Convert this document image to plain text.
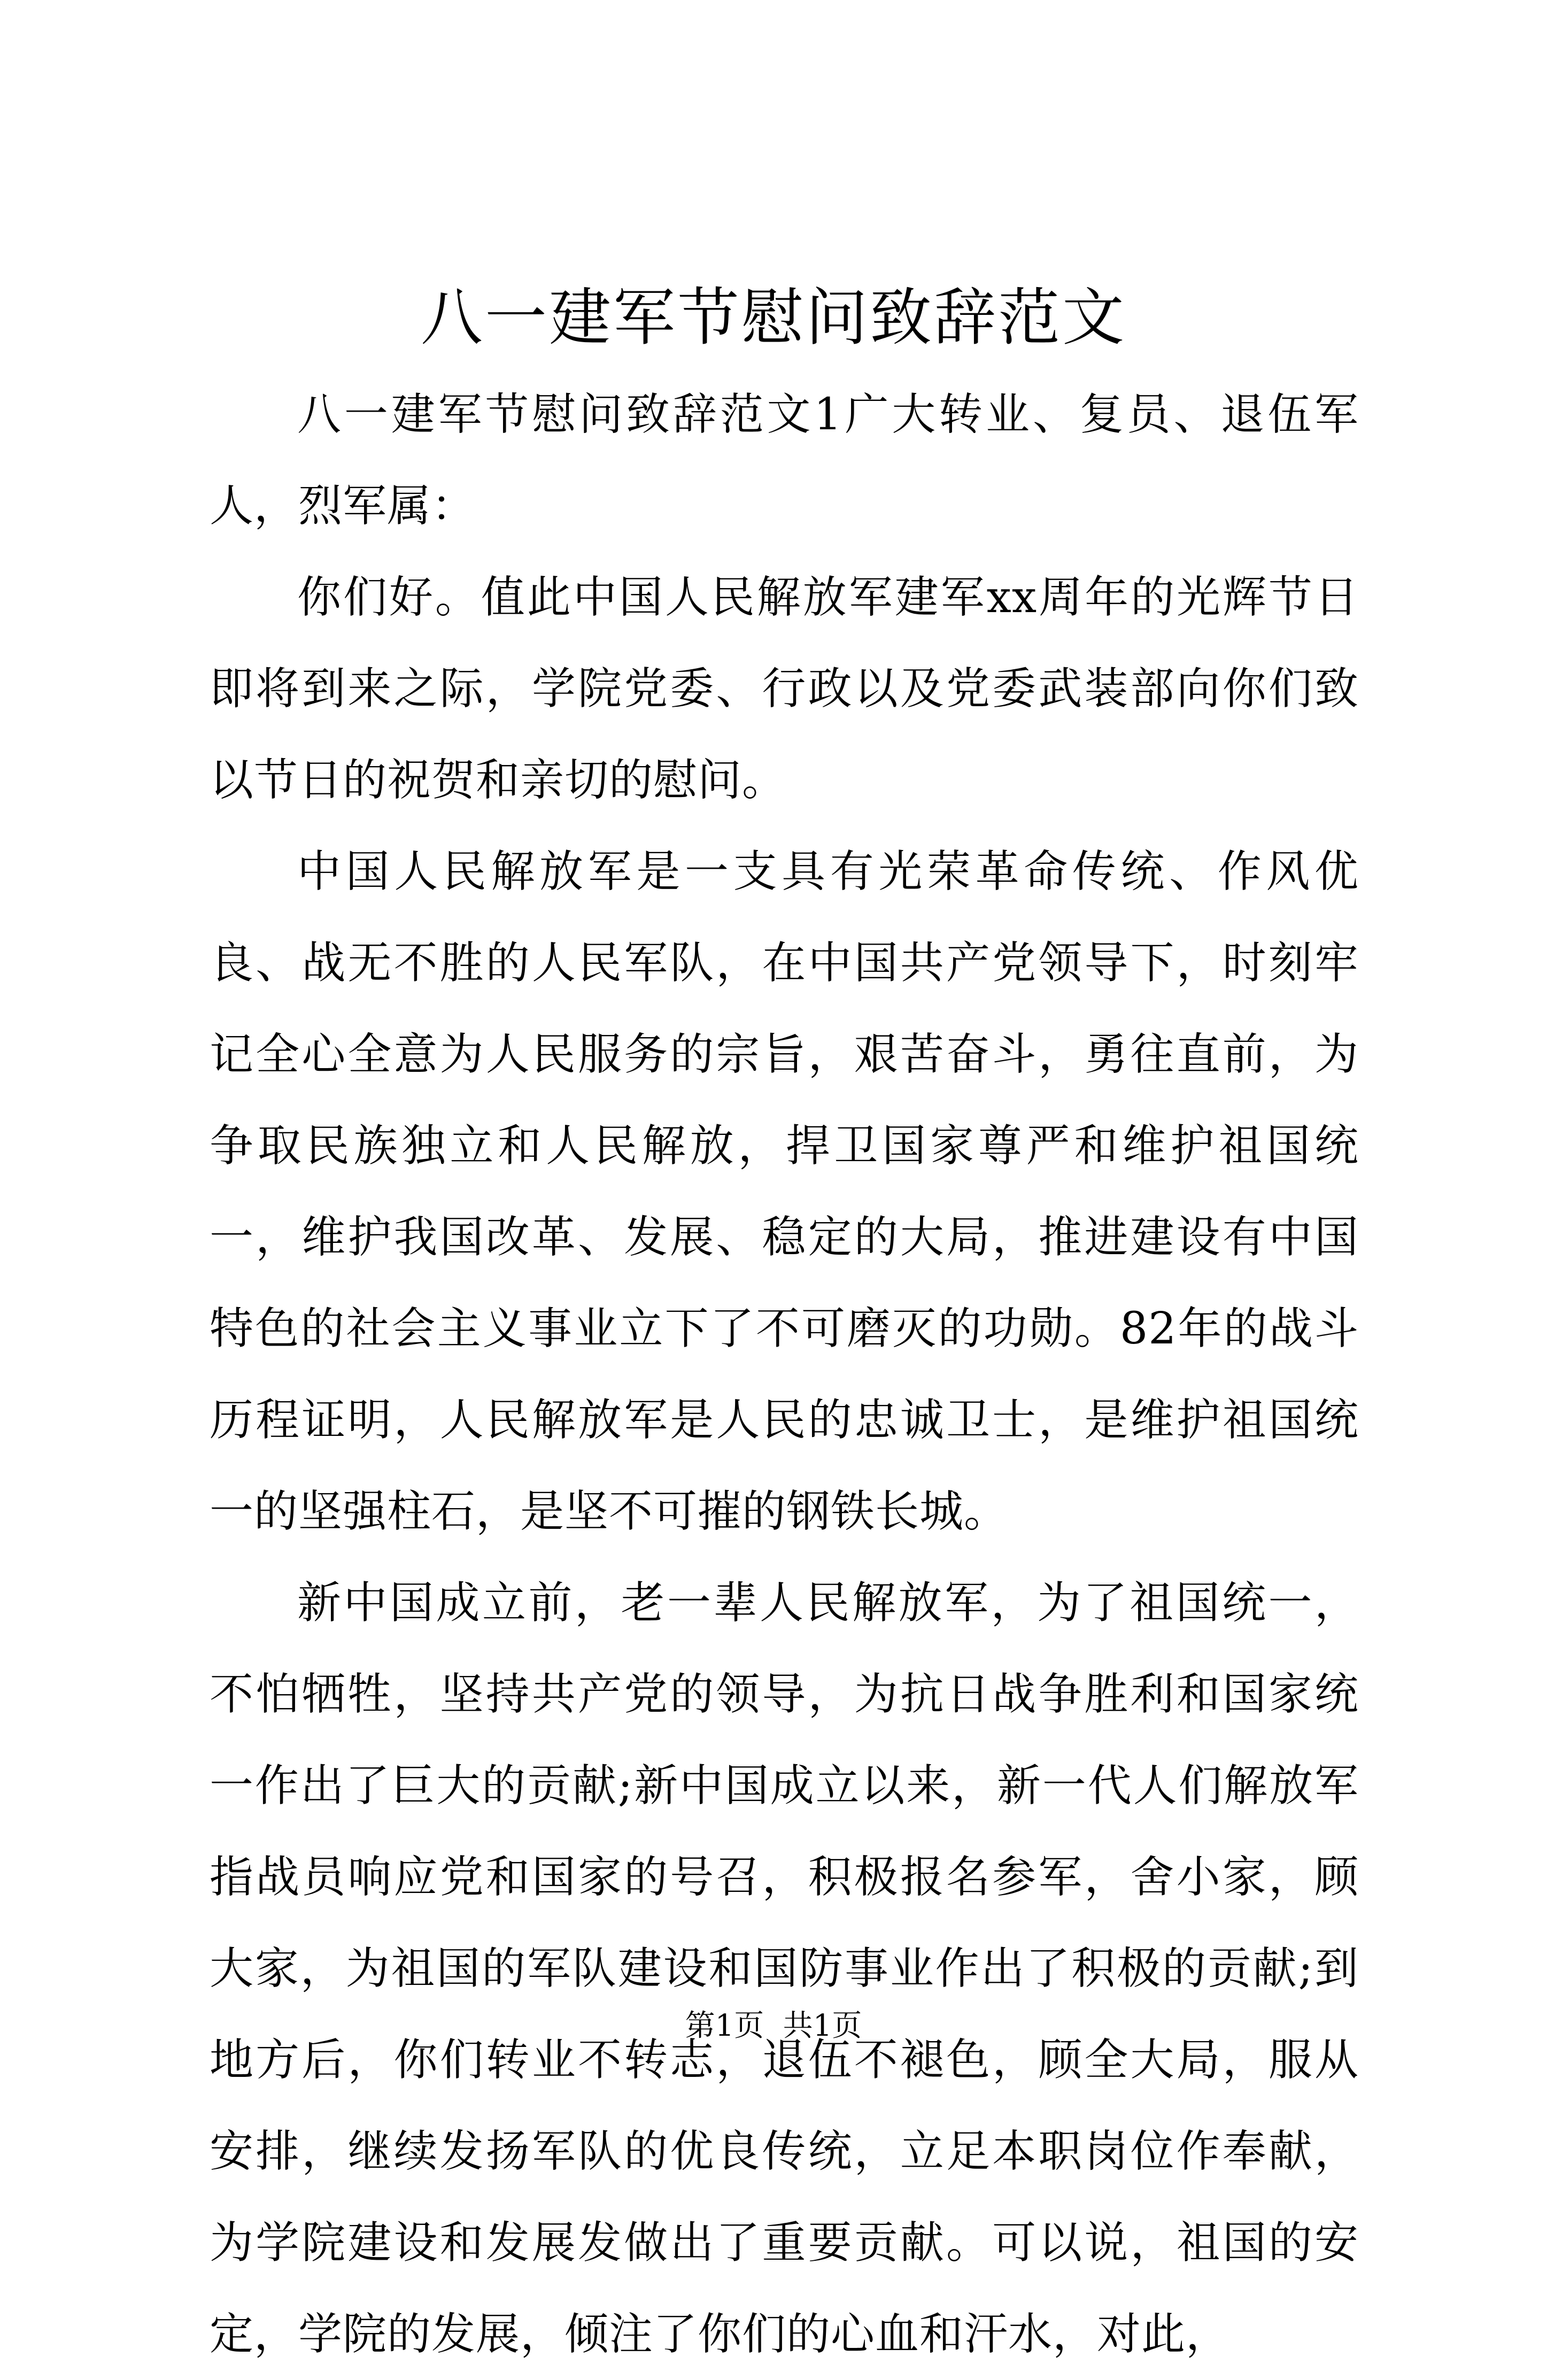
八一建军节慰问致辞范文

八一建军节慰问致辞范文1广大转业、复员、退伍军人，烈军属：

你们好。值此中国人民解放军建军xx周年的光辉节日即将到来之际，学院党委、行政以及党委武装部向你们致以节日的祝贺和亲切的慰问。

中国人民解放军是一支具有光荣革命传统、作风优良、战无不胜的人民军队，在中国共产党领导下，时刻牢记全心全意为人民服务的宗旨，艰苦奋斗，勇往直前，为争取民族独立和人民解放，捍卫国家尊严和维护祖国统一，维护我国改革、发展、稳定的大局，推进建设有中国特色的社会主义事业立下了不可磨灭的功勋。82年的战斗历程证明，人民解放军是人民的忠诚卫士，是维护祖国统一的坚强柱石，是坚不可摧的钢铁长城。

新中国成立前，老一辈人民解放军，为了祖国统一，不怕牺牲，坚持共产党的领导，为抗日战争胜利和国家统一作出了巨大的贡献;新中国成立以来，新一代人们解放军指战员响应党和国家的号召，积极报名参军，舍小家，顾大家，为祖国的军队建设和国防事业作出了积极的贡献;到地方后，你们转业不转志，退伍不褪色，顾全大局，服从安排，继续发扬军队的优良传统，立足本职岗位作奉献，为学院建设和发展发做出了重要贡献。可以说，祖国的安定，学院的发展，倾注了你们的心血和汗水，对此，

第1页  共1页
